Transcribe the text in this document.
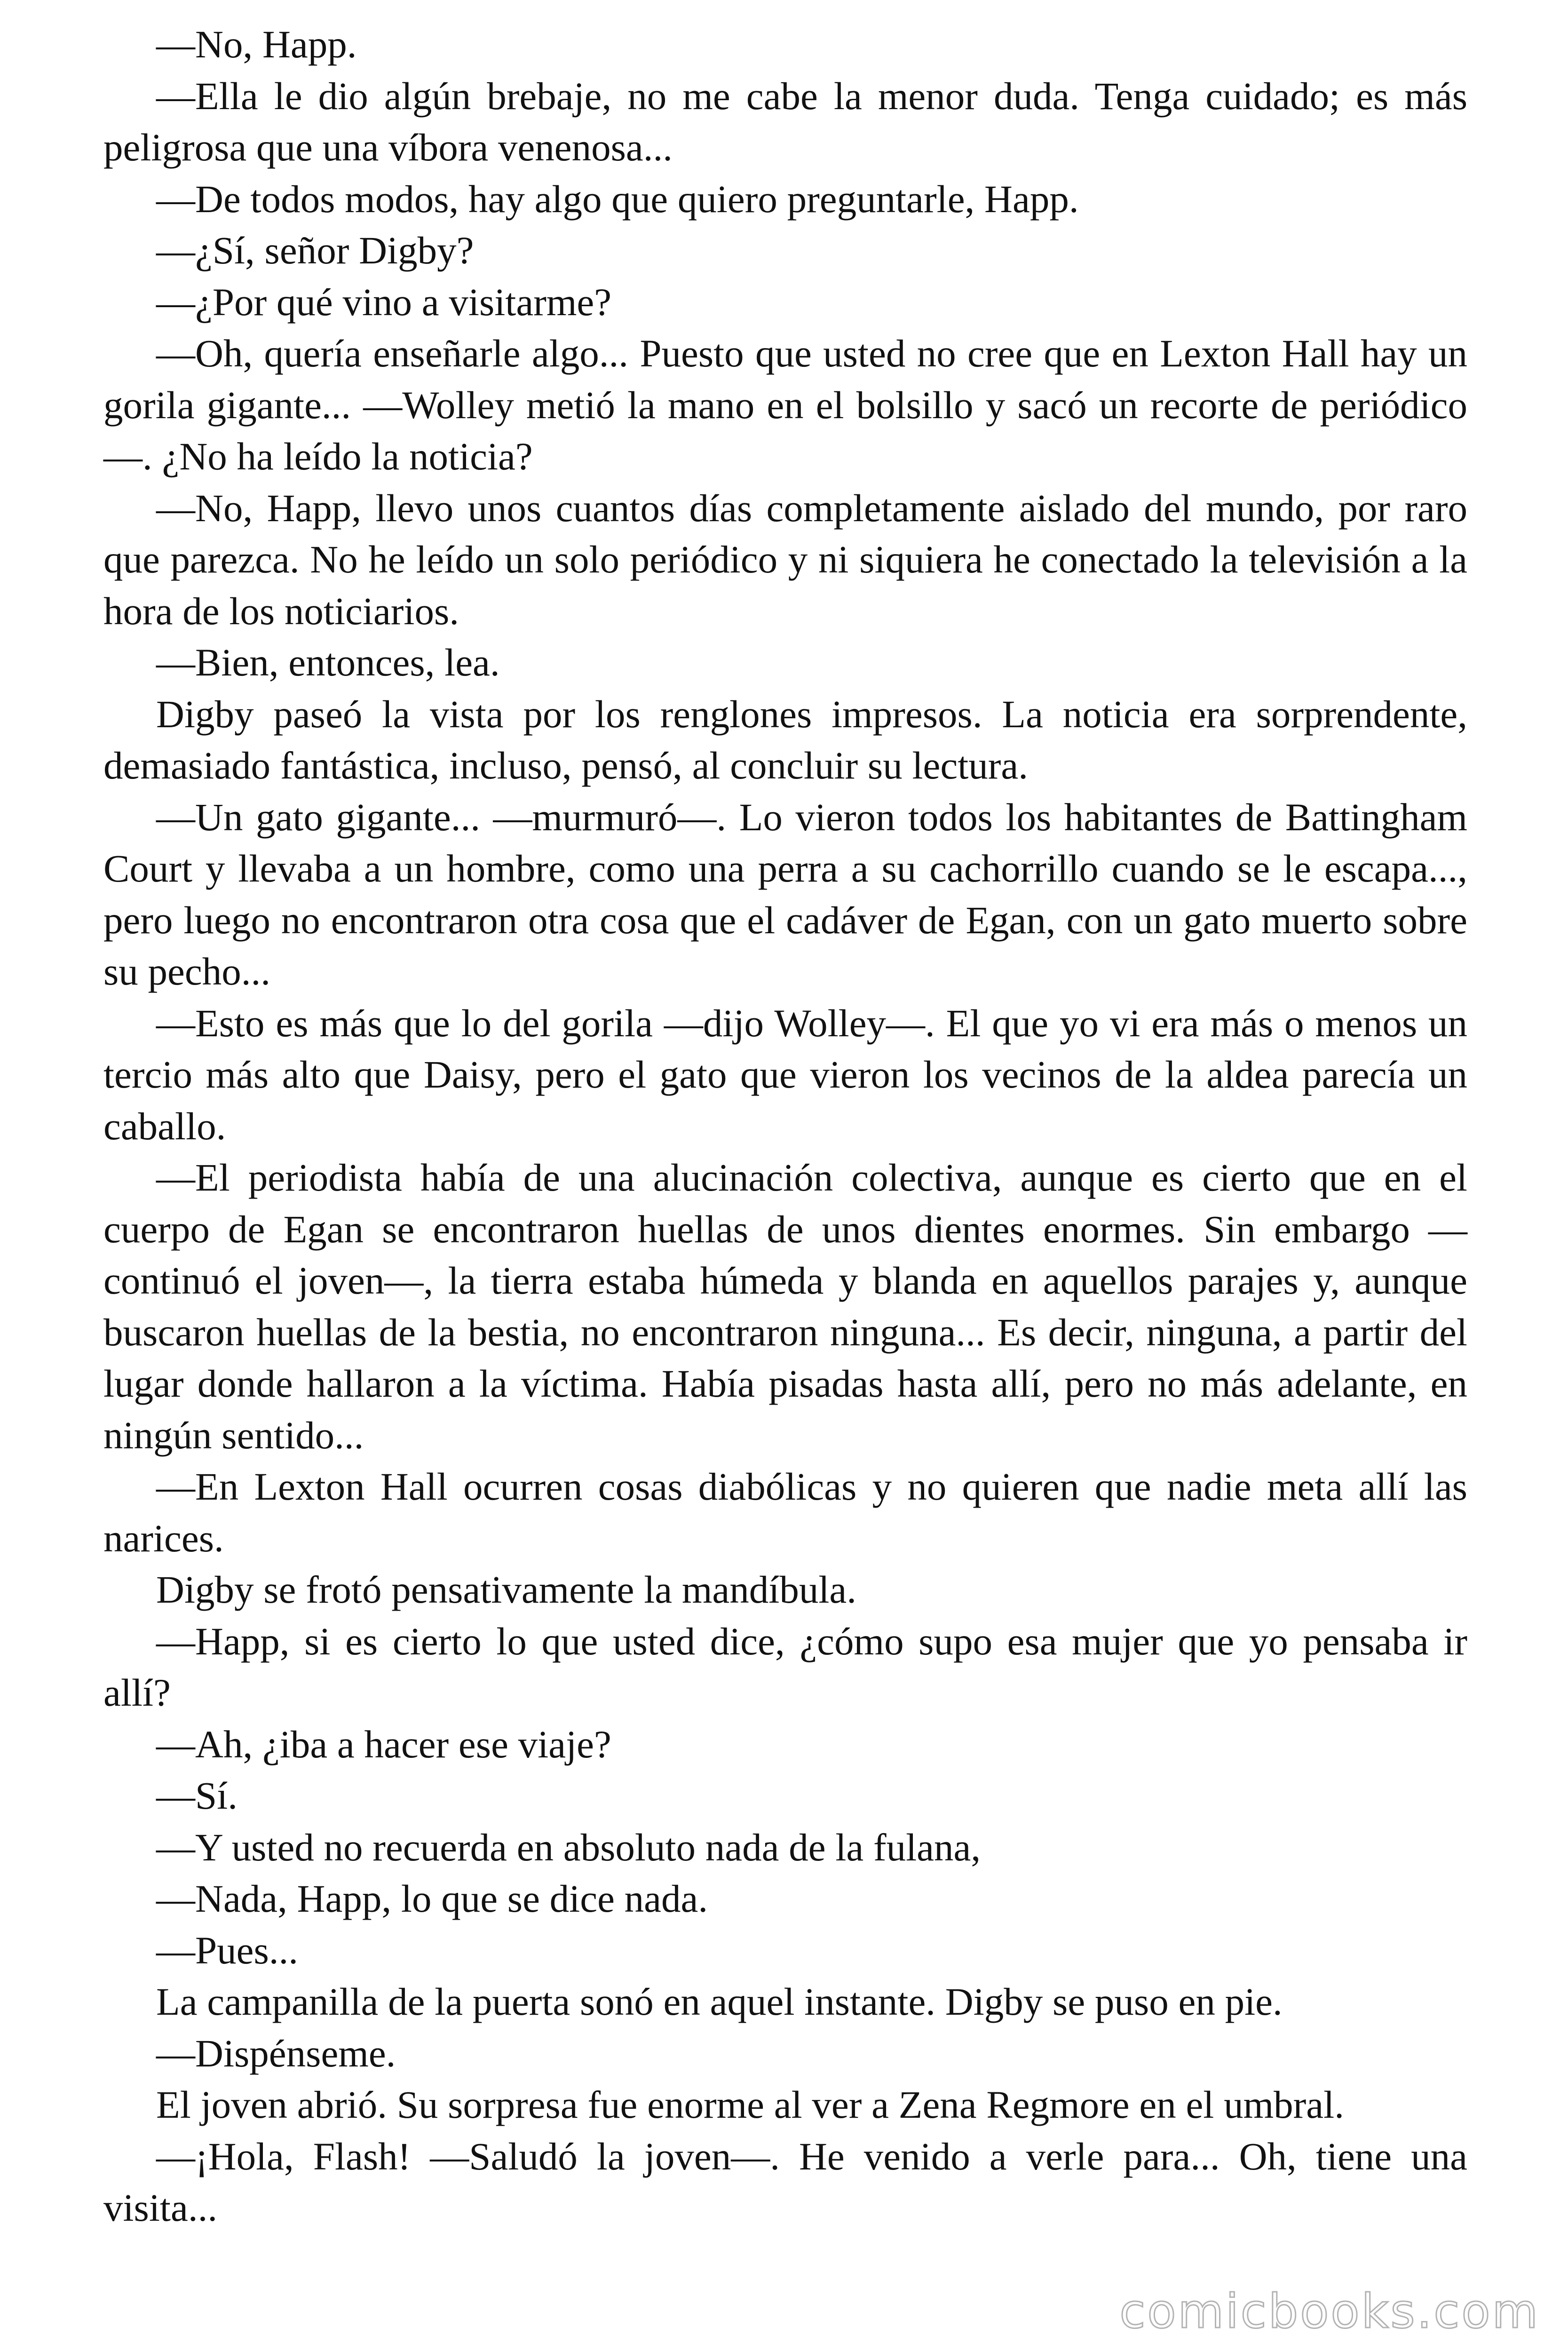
—No, Happ.

—Ella le dio algún brebaje, no me cabe la menor duda. Tenga cuidado; es más peligrosa que una víbora venenosa...

—De todos modos, hay algo que quiero preguntarle, Happ.

—¿Sí, señor Digby?

—¿Por qué vino a visitarme?

—Oh, quería enseñarle algo... Puesto que usted no cree que en Lexton Hall hay un gorila gigante... —Wolley metió la mano en el bolsillo y sacó un recorte de periódico—. ¿No ha leído la noticia?

—No, Happ, llevo unos cuantos días completamente aislado del mundo, por raro que parezca. No he leído un solo periódico y ni siquiera he conectado la televisión a la hora de los noticiarios.

—Bien, entonces, lea.

Digby paseó la vista por los renglones impresos. La noticia era sorprendente, demasiado fantástica, incluso, pensó, al concluir su lectura.

—Un gato gigante... —murmuró—. Lo vieron todos los habitantes de Battingham Court y llevaba a un hombre, como una perra a su cachorrillo cuando se le escapa..., pero luego no encontraron otra cosa que el cadáver de Egan, con un gato muerto sobre su pecho...

—Esto es más que lo del gorila —dijo Wolley—. El que yo vi era más o menos un tercio más alto que Daisy, pero el gato que vieron los vecinos de la aldea parecía un caballo.

—El periodista había de una alucinación colectiva, aunque es cierto que en el cuerpo de Egan se encontraron huellas de unos dientes enormes. Sin embargo —continuó el joven—, la tierra estaba húmeda y blanda en aquellos parajes y, aunque buscaron huellas de la bestia, no encontraron ninguna... Es decir, ninguna, a partir del lugar donde hallaron a la víctima. Había pisadas hasta allí, pero no más adelante, en ningún sentido...

—En Lexton Hall ocurren cosas diabólicas y no quieren que nadie meta allí las narices.

Digby se frotó pensativamente la mandíbula.

—Happ, si es cierto lo que usted dice, ¿cómo supo esa mujer que yo pensaba ir allí?

—Ah, ¿iba a hacer ese viaje?

—Sí.

—Y usted no recuerda en absoluto nada de la fulana,

—Nada, Happ, lo que se dice nada.

—Pues...

La campanilla de la puerta sonó en aquel instante. Digby se puso en pie.

—Dispénseme.

El joven abrió. Su sorpresa fue enorme al ver a Zena Regmore en el umbral.

—¡Hola, Flash! —Saludó la joven—. He venido a verle para... Oh, tiene una visita...

comicbooks.com
